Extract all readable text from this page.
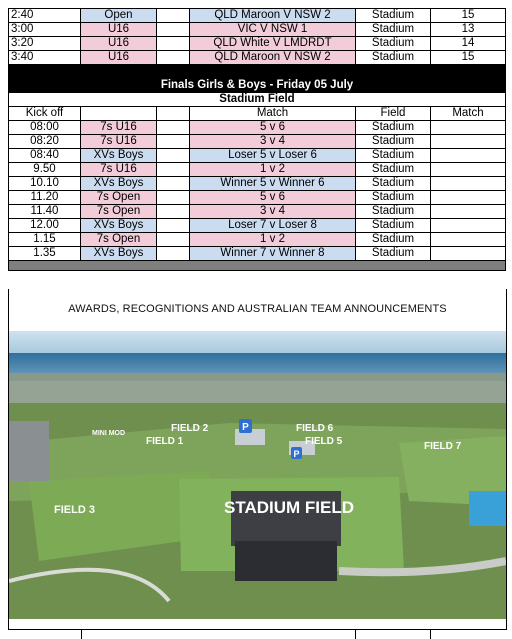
2:40	Open		QLD Maroon V NSW 2	Stadium	15
3:00	U16		VIC V NSW 1	Stadium	13
3:20	U16		QLD White V LMDRDT	Stadium	14
3:40	U16		QLD Maroon V NSW 2	Stadium	15

Finals Girls & Boys - Friday 05 July					
Stadium Field					
Kick off			Match	Field	Match
08:00	7s U16		5 v 6	Stadium	
08:20	7s U16		3 v 4	Stadium	
08:40	XVs Boys		Loser 5 v Loser 6	Stadium	
9.50	7s U16		1 v 2	Stadium	
10.10	XVs Boys		Winner 5 v Winner 6	Stadium	
11.20	7s Open		5 v 6	Stadium	
11.40	7s Open		3 v 4	Stadium	
12.00	XVs Boys		Loser 7 v Loser 8	Stadium	
1.15	7s Open		1 v 2	Stadium	
1.35	XVs Boys		Winner 7 v Winner 8	Stadium	

AWARDS, RECOGNITIONS AND AUSTRALIAN TEAM ANNOUNCEMENTS
P
P
MINI MOD	FIELD 2
FIELD 1
FIELD 6
FIELD 5	FIELD 7
FIELD 3	STADIUM FIELD
